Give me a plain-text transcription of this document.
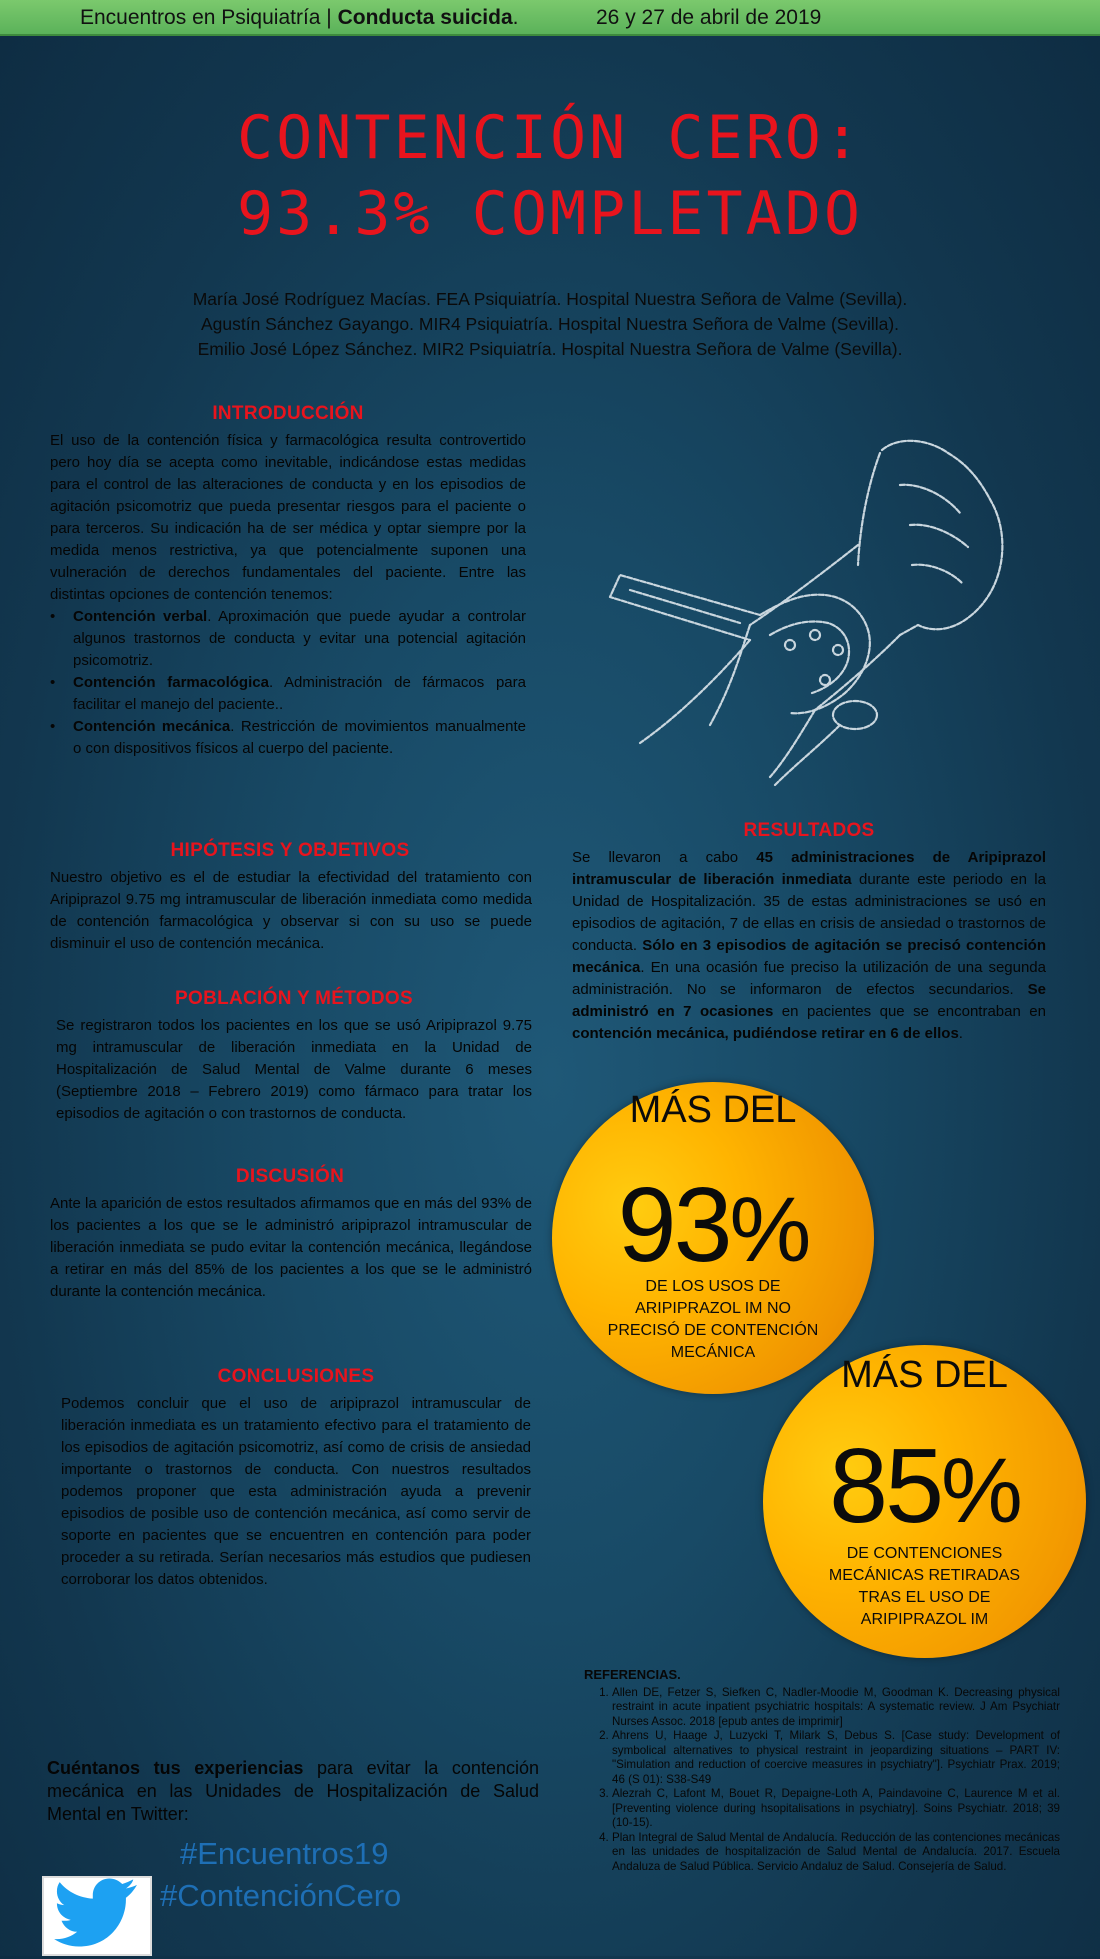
Encuentros en Psiquiatría | Conducta suicida.	26 y 27 de abril de 2019
CONTENCIÓN CERO:
93.3% COMPLETADO
María José Rodríguez Macías. FEA Psiquiatría. Hospital Nuestra Señora de Valme (Sevilla).
Agustín Sánchez Gayango. MIR4 Psiquiatría. Hospital Nuestra Señora de Valme (Sevilla).
Emilio José López Sánchez. MIR2 Psiquiatría. Hospital Nuestra Señora de Valme (Sevilla).
INTRODUCCIÓN
El uso de la contención física y farmacológica resulta controvertido pero hoy día se acepta como inevitable, indicándose estas medidas para el control de las alteraciones de conducta y en los episodios de agitación psicomotriz que pueda presentar riesgos para el paciente o para terceros. Su indicación ha de ser médica y optar siempre por la medida menos restrictiva, ya que potencialmente suponen una vulneración de derechos fundamentales del paciente. Entre las distintas opciones de contención tenemos:
• Contención verbal. Aproximación que puede ayudar a controlar algunos trastornos de conducta y evitar una potencial agitación psicomotriz.
• Contención farmacológica. Administración de fármacos para facilitar el manejo del paciente..
• Contención mecánica. Restricción de movimientos manualmente o con dispositivos físicos al cuerpo del paciente.
HIPÓTESIS Y OBJETIVOS
Nuestro objetivo es el de estudiar la efectividad del tratamiento con Aripiprazol 9.75 mg intramuscular de liberación inmediata como medida de contención farmacológica y observar si con su uso se puede disminuir el uso de contención mecánica.
POBLACIÓN Y MÉTODOS
Se registraron todos los pacientes en los que se usó Aripiprazol 9.75 mg intramuscular de liberación inmediata en la Unidad de Hospitalización de Salud Mental de Valme durante 6 meses (Septiembre 2018 – Febrero 2019) como fármaco para tratar los episodios de agitación o con trastornos de conducta.
DISCUSIÓN
Ante la aparición de estos resultados afirmamos que en más del 93% de los pacientes a los que se le administró aripiprazol intramuscular de liberación inmediata se pudo evitar la contención mecánica, llegándose a retirar en más del 85% de los pacientes a los que se le administró durante la contención mecánica.
CONCLUSIONES
Podemos concluir que el uso de aripiprazol intramuscular de liberación inmediata es un tratamiento efectivo para el tratamiento de los episodios de agitación psicomotriz, así como de crisis de ansiedad importante o trastornos de conducta. Con nuestros resultados podemos proponer que esta administración ayuda a prevenir episodios de posible uso de contención mecánica, así como servir de soporte en pacientes que se encuentren en contención para poder proceder a su retirada. Serían necesarios más estudios que pudiesen corroborar los datos obtenidos.
RESULTADOS
Se llevaron a cabo 45 administraciones de Aripiprazol intramuscular de liberación inmediata durante este periodo en la Unidad de Hospitalización. 35 de estas administraciones se usó en episodios de agitación, 7 de ellas en crisis de ansiedad o trastornos de conducta. Sólo en 3 episodios de agitación se precisó contención mecánica. En una ocasión fue preciso la utilización de una segunda administración. No se informaron de efectos secundarios. Se administró en 7 ocasiones en pacientes que se encontraban en contención mecánica, pudiéndose retirar en 6 de ellos.
MÁS DEL
93%
DE LOS USOS DE
ARIPIPRAZOL IM NO
PRECISÓ DE CONTENCIÓN
MECÁNICA
MÁS DEL
85%
DE CONTENCIONES
MECÁNICAS RETIRADAS
TRAS EL USO DE
ARIPIPRAZOL IM
REFERENCIAS.
1. Allen DE, Fetzer S, Siefken C, Nadler-Moodie M, Goodman K. Decreasing physical restraint in acute inpatient psychiatric hospitals: A systematic review. J Am Psychiatr Nurses Assoc. 2018 [epub antes de imprimir]
2. Ahrens U, Haage J, Luzycki T, Milark S, Debus S. [Case study: Development of symbolical alternatives to physical restraint in jeopardizing situations – PART IV: "Simulation and reduction of coercive measures in psychiatry"]. Psychiatr Prax. 2019; 46 (S 01): S38-S49
3. Alezrah C, Lafont M, Bouet R, Depaigne-Loth A, Paindavoine C, Laurence M et al. [Preventing violence during hsopitalisations in psychiatry]. Soins Psychiatr. 2018; 39 (10-15).
4. Plan Integral de Salud Mental de Andalucía. Reducción de las contenciones mecánicas en las unidades de hospitalización de Salud Mental de Andalucía. 2017. Escuela Andaluza de Salud Pública. Servicio Andaluz de Salud. Consejería de Salud.
Cuéntanos tus experiencias para evitar la contención mecánica en las Unidades de Hospitalización de Salud Mental en Twitter:
#Encuentros19
#ContenciónCero
